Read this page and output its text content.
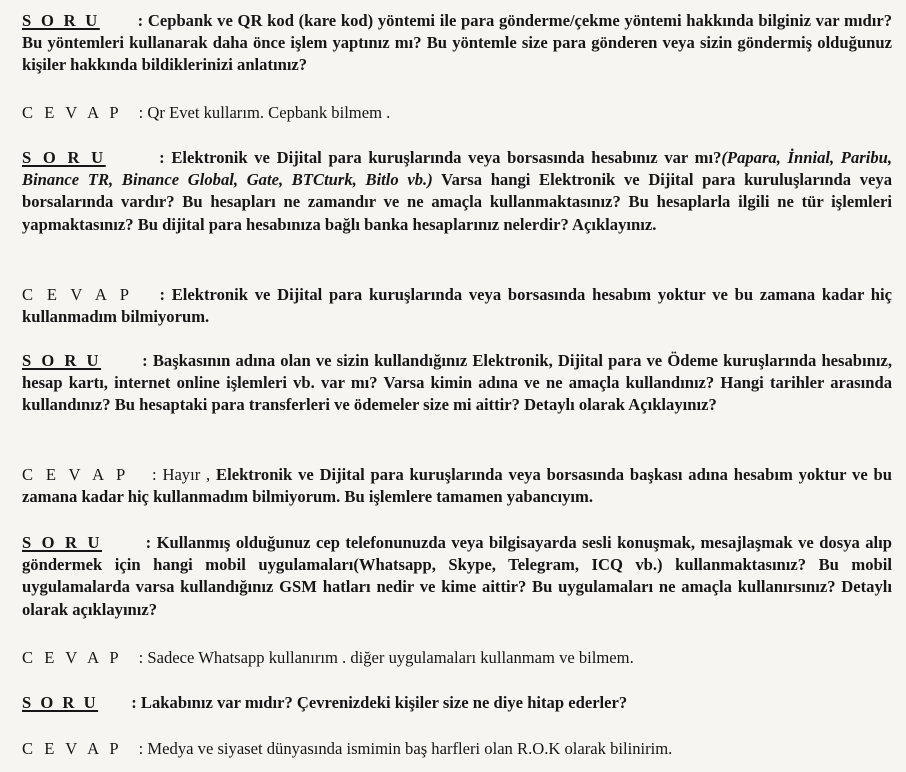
S O R U : Cepbank ve QR kod (kare kod) yöntemi ile para gönderme/çekme yöntemi hakkında bilginiz var mıdır? Bu yöntemleri kullanarak daha önce işlem yaptınız mı? Bu yöntemle size para gönderen veya sizin göndermiş olduğunuz kişiler hakkında bildiklerinizi anlatınız?
C E V A P : Qr Evet kullarım. Cepbank bilmem .
S O R U	: Elektronik ve Dijital para kuruşlarında veya borsasında hesabınız var mı?(Papara, İnnial, Paribu, Binance TR, Binance Global, Gate, BTCturk, Bitlo vb.) Varsa hangi Elektronik ve Dijital para kuruluşlarında veya borsalarında vardır? Bu hesapları ne zamandır ve ne amaçla kullanmaktasınız? Bu hesaplarla ilgili ne tür işlemleri yapmaktasınız? Bu dijital para hesabınıza bağlı banka hesaplarınız nelerdir? Açıklayınız.
C E V A P : Elektronik ve Dijital para kuruşlarında veya borsasında hesabım yoktur ve bu zamana kadar hiç kullanmadım bilmiyorum.
S O R U : Başkasının adına olan ve sizin kullandığınız Elektronik, Dijital para ve Ödeme kuruşlarında hesabınız, hesap kartı, internet online işlemleri vb. var mı? Varsa kimin adına ve ne amaçla kullandınız? Hangi tarihler arasında kullandınız? Bu hesaptaki para transferleri ve ödemeler size mi aittir? Detaylı olarak Açıklayınız?
C E V A P : Hayır , Elektronik ve Dijital para kuruşlarında veya borsasında başkası adına hesabım yoktur ve bu zamana kadar hiç kullanmadım bilmiyorum. Bu işlemlere tamamen yabancıyım.
S O R U	: Kullanmış olduğunuz cep telefonunuzda veya bilgisayarda sesli konuşmak, mesajlaşmak ve dosya alıp göndermek için hangi mobil uygulamaları(Whatsapp, Skype, Telegram, ICQ vb.) kullanmaktasınız? Bu mobil uygulamalarda varsa kullandığınız GSM hatları nedir ve kime aittir? Bu uygulamaları ne amaçla kullanırsınız? Detaylı olarak açıklayınız?
C E V A P : Sadece Whatsapp kullanırım . diğer uygulamaları kullanmam ve bilmem.
S O R U : Lakabınız var mıdır? Çevrenizdeki kişiler size ne diye hitap ederler?
C E V A P : Medya ve siyaset dünyasında ismimin baş harfleri olan R.O.K olarak bilinirim.
